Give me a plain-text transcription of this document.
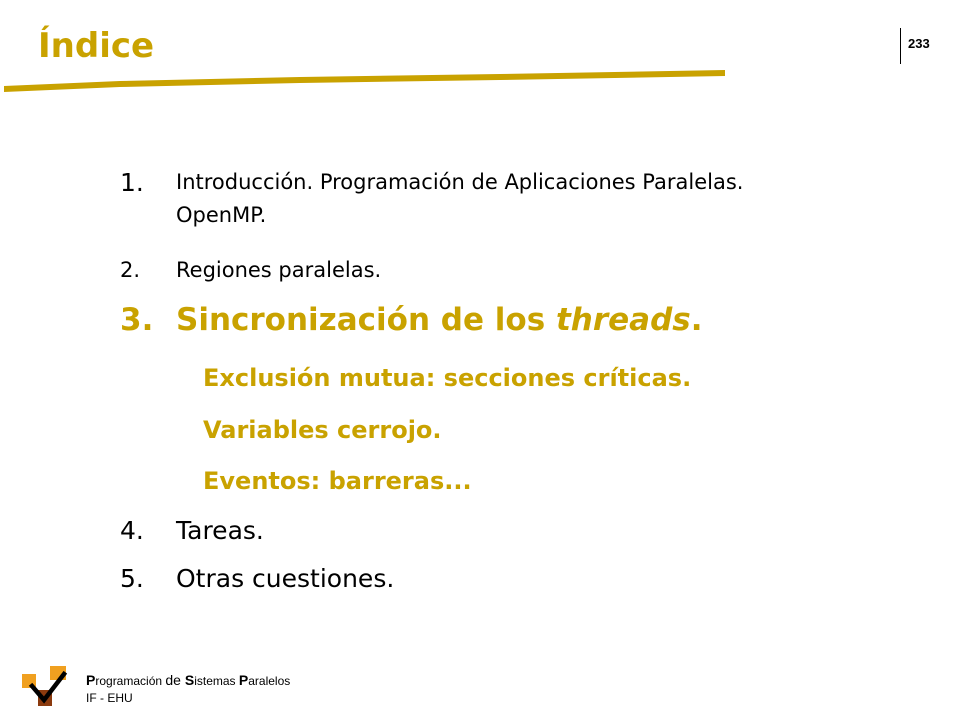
Índice	233
1. Introducción. Programación de Aplicaciones Paralelas. OpenMP.
2. Regiones paralelas.
3. Sincronización de los threads.
Exclusión mutua: secciones críticas.
Variables cerrojo.
Eventos: barreras...
4. Tareas.
5. Otras cuestiones.
Programación de Sistemas Paralelos
IF - EHU
